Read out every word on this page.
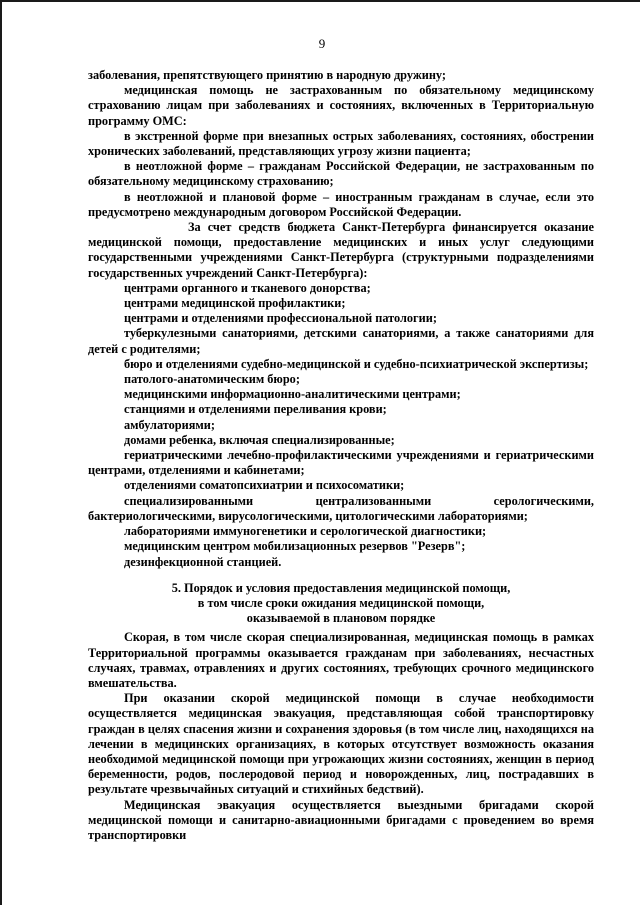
9

заболевания, препятствующего принятию в народную дружину;

медицинская помощь не застрахованным по обязательному медицинскому страхованию лицам при заболеваниях и состояниях, включенных в Территориальную программу ОМС:

в экстренной форме при внезапных острых заболеваниях, состояниях, обострении хронических заболеваний, представляющих угрозу жизни пациента;

в неотложной форме – гражданам Российской Федерации, не застрахованным по обязательному медицинскому страхованию;

в неотложной и плановой форме – иностранным гражданам в случае, если это предусмотрено международным договором Российской Федерации.

За счет средств бюджета Санкт-Петербурга финансируется оказание медицинской помощи, предоставление медицинских и иных услуг следующими государственными учреждениями Санкт-Петербурга (структурными подразделениями государственных учреждений Санкт-Петербурга):

центрами органного и тканевого донорства;

центрами медицинской профилактики;

центрами и отделениями профессиональной патологии;

туберкулезными санаториями, детскими санаториями, а также санаториями для детей с родителями;

бюро и отделениями судебно-медицинской и судебно-психиатрической экспертизы;

патолого-анатомическим бюро;

медицинскими информационно-аналитическими центрами;

станциями и отделениями переливания крови;

амбулаториями;

домами ребенка, включая специализированные;

гериатрическими лечебно-профилактическими учреждениями и гериатрическими центрами, отделениями и кабинетами;

отделениями соматопсихиатрии и психосоматики;

специализированными централизованными серологическими, бактериологическими, вирусологическими, цитологическими лабораториями;

лабораториями иммуногенетики и серологической диагностики;

медицинским центром мобилизационных резервов "Резерв";

дезинфекционной станцией.

5. Порядок и условия предоставления медицинской помощи,

в том числе сроки ожидания медицинской помощи,

оказываемой в плановом порядке

Скорая, в том числе скорая специализированная, медицинская помощь в рамках Территориальной программы оказывается гражданам при заболеваниях, несчастных случаях, травмах, отравлениях и других состояниях, требующих срочного медицинского вмешательства.

При оказании скорой медицинской помощи в случае необходимости осуществляется медицинская эвакуация, представляющая собой транспортировку граждан в целях спасения жизни и сохранения здоровья (в том числе лиц, находящихся на лечении в медицинских организациях, в которых отсутствует возможность оказания необходимой медицинской помощи при угрожающих жизни состояниях, женщин в период беременности, родов, послеродовой период и новорожденных, лиц, пострадавших в результате чрезвычайных ситуаций и стихийных бедствий).

Медицинская эвакуация осуществляется выездными бригадами скорой медицинской помощи и санитарно-авиационными бригадами с проведением во время транспортировки
